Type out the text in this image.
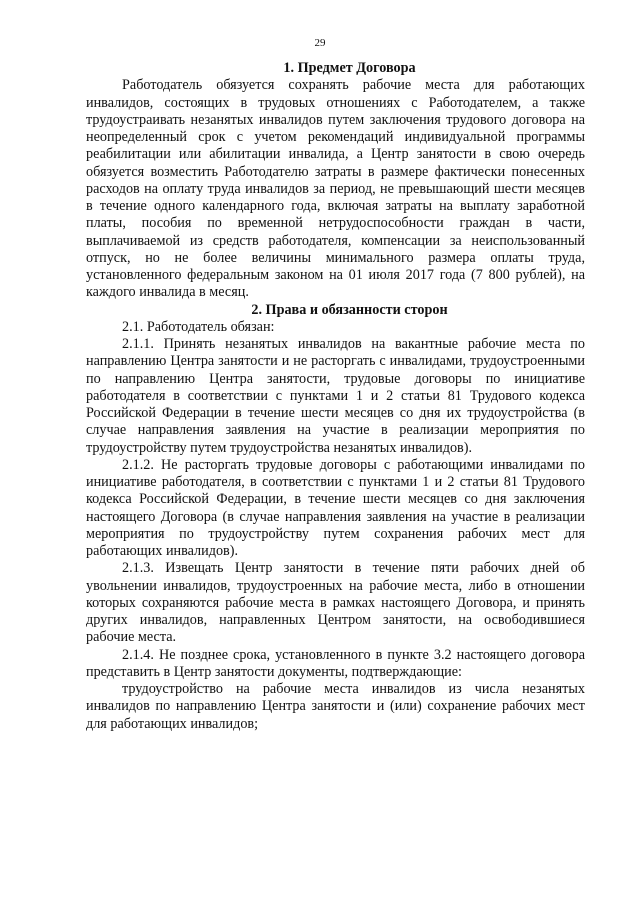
29
1. Предмет Договора

Работодатель обязуется сохранять рабочие места для работающих инвалидов, состоящих в трудовых отношениях с Работодателем, а также трудоустраивать незанятых инвалидов путем заключения трудового договора на неопределенный срок с учетом рекомендаций индивидуальной программы реабилитации или абилитации инвалида, а Центр занятости в свою очередь обязуется возместить Работодателю затраты в размере фактически понесенных расходов на оплату труда инвалидов за период, не превышающий шести месяцев в течение одного календарного года, включая затраты на выплату заработной платы, пособия по временной нетрудоспособности граждан в части, выплачиваемой из средств работодателя, компенсации за неиспользованный отпуск, но не более величины минимального размера оплаты труда, установленного федеральным законом на 01 июля 2017 года (7 800 рублей), на каждого инвалида в месяц.

2. Права и обязанности сторон

2.1. Работодатель обязан:

2.1.1. Принять незанятых инвалидов на вакантные рабочие места по направлению Центра занятости и не расторгать с инвалидами, трудоустроенными по направлению Центра занятости, трудовые договоры по инициативе работодателя в соответствии с пунктами 1 и 2 статьи 81 Трудового кодекса Российской Федерации в течение шести месяцев со дня их трудоустройства (в случае направления заявления на участие в реализации мероприятия по трудоустройству путем трудоустройства незанятых инвалидов).

2.1.2. Не расторгать трудовые договоры с работающими инвалидами по инициативе работодателя, в соответствии с пунктами 1 и 2 статьи 81 Трудового кодекса Российской Федерации, в течение шести месяцев со дня заключения настоящего Договора (в случае направления заявления на участие в реализации мероприятия по трудоустройству путем сохранения рабочих мест для работающих инвалидов).

2.1.3. Извещать Центр занятости в течение пяти рабочих дней об увольнении инвалидов, трудоустроенных на рабочие места, либо в отношении которых сохраняются рабочие места в рамках настоящего Договора, и принять других инвалидов, направленных Центром занятости, на освободившиеся рабочие места.

2.1.4. Не позднее срока, установленного в пункте 3.2 настоящего договора представить в Центр занятости документы, подтверждающие:

трудоустройство на рабочие места инвалидов из числа незанятых инвалидов по направлению Центра занятости и (или) сохранение рабочих мест для работающих инвалидов;
